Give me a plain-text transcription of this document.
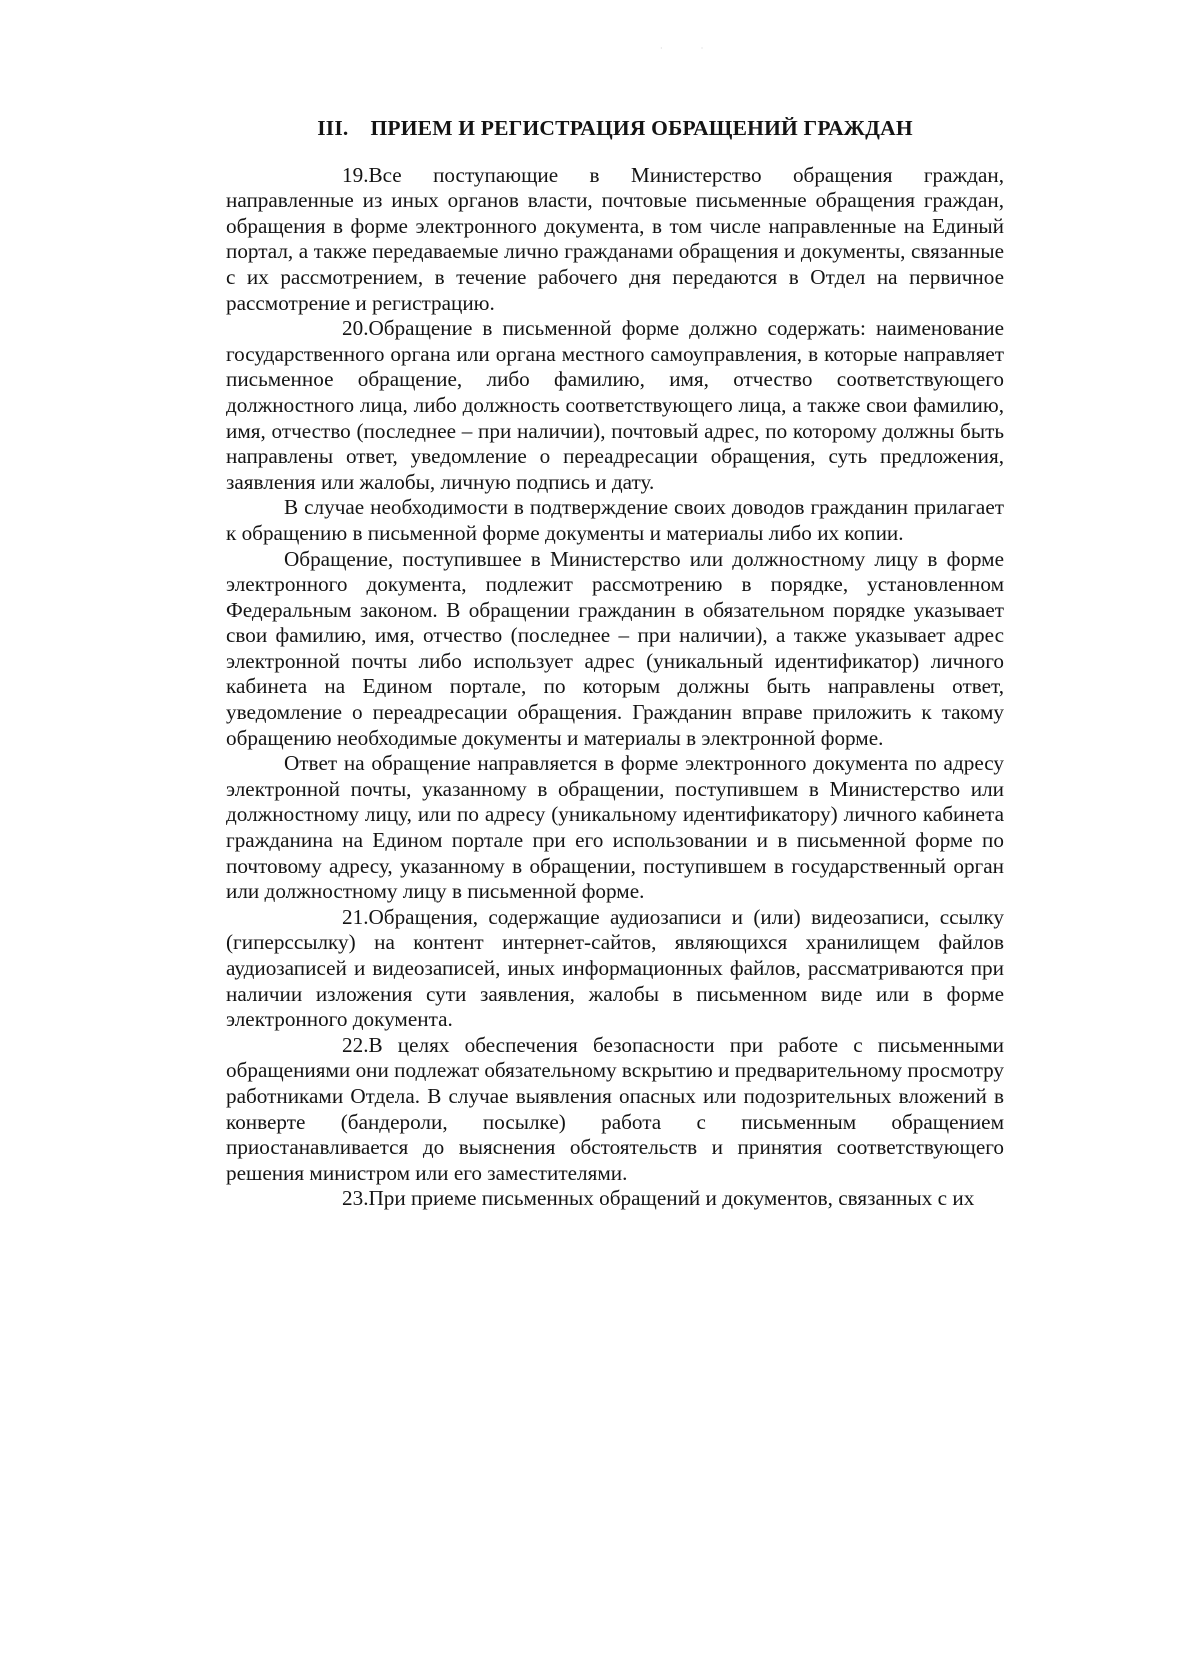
·               ·
III. ПРИЕМ И РЕГИСТРАЦИЯ ОБРАЩЕНИЙ ГРАЖДАН

19.Все поступающие в Министерство обращения граждан, направленные из иных органов власти, почтовые письменные обращения граждан, обращения в форме электронного документа, в том числе направленные на Единый портал, а также передаваемые лично гражданами обращения и документы, связанные с их рассмотрением, в течение рабочего дня передаются в Отдел на первичное рассмотрение и регистрацию.

20.Обращение в письменной форме должно содержать: наименование государственного органа или органа местного самоуправления, в которые направляет письменное обращение, либо фамилию, имя, отчество соответствующего должностного лица, либо должность соответствующего лица, а также свои фамилию, имя, отчество (последнее – при наличии), почтовый адрес, по которому должны быть направлены ответ, уведомление о переадресации обращения, суть предложения, заявления или жалобы, личную подпись и дату.

В случае необходимости в подтверждение своих доводов гражданин прилагает к обращению в письменной форме документы и материалы либо их копии.

Обращение, поступившее в Министерство или должностному лицу в форме электронного документа, подлежит рассмотрению в порядке, установленном Федеральным законом. В обращении гражданин в обязательном порядке указывает свои фамилию, имя, отчество (последнее – при наличии), а также указывает адрес электронной почты либо использует адрес (уникальный идентификатор) личного кабинета на Едином портале, по которым должны быть направлены ответ, уведомление о переадресации обращения. Гражданин вправе приложить к такому обращению необходимые документы и материалы в электронной форме.

Ответ на обращение направляется в форме электронного документа по адресу электронной почты, указанному в обращении, поступившем в Министерство или должностному лицу, или по адресу (уникальному идентификатору) личного кабинета гражданина на Едином портале при его использовании и в письменной форме по почтовому адресу, указанному в обращении, поступившем в государственный орган или должностному лицу в письменной форме.

21.Обращения, содержащие аудиозаписи и (или) видеозаписи, ссылку (гиперссылку) на контент интернет-сайтов, являющихся хранилищем файлов аудиозаписей и видеозаписей, иных информационных файлов, рассматриваются при наличии изложения сути заявления, жалобы в письменном виде или в форме электронного документа.

22.В целях обеспечения безопасности при работе с письменными обращениями они подлежат обязательному вскрытию и предварительному просмотру работниками Отдела. В случае выявления опасных или подозрительных вложений в конверте (бандероли, посылке) работа с письменным обращением приостанавливается до выяснения обстоятельств и принятия соответствующего решения министром или его заместителями.

23.При приеме письменных обращений и документов, связанных с их
